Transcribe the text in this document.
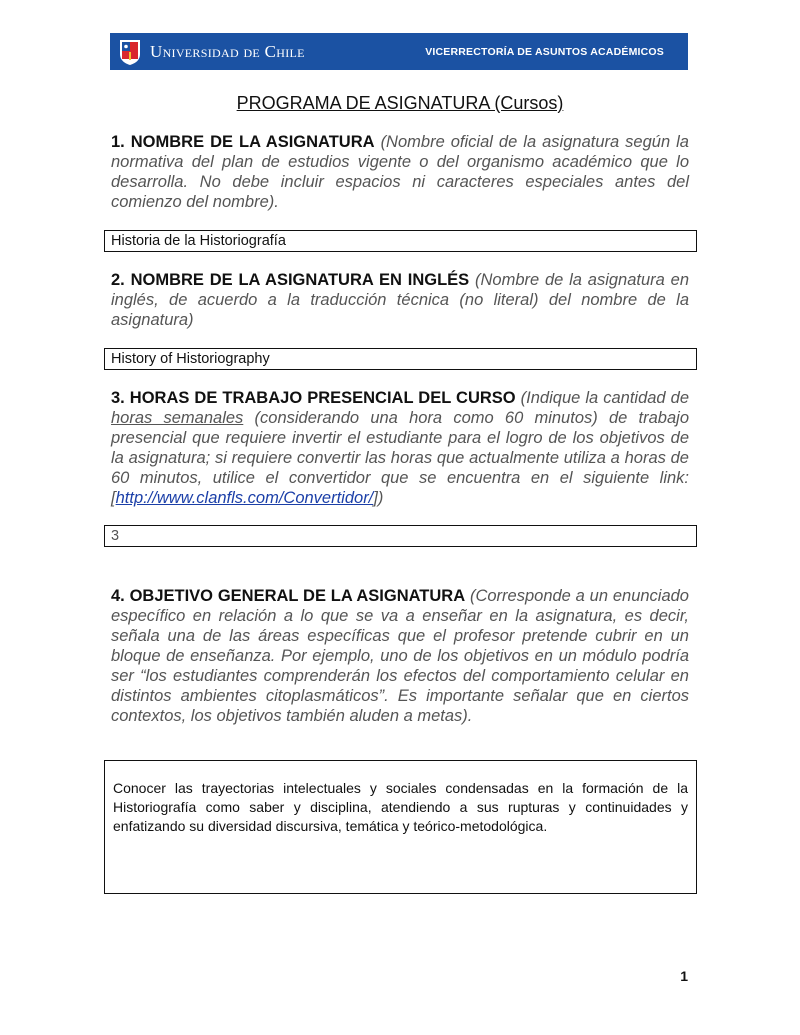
Universidad de Chile	VICERRECTORÍA DE ASUNTOS ACADÉMICOS
PROGRAMA DE ASIGNATURA (Cursos)

1. NOMBRE DE LA ASIGNATURA (Nombre oficial de la asignatura según la normativa del plan de estudios vigente o del organismo académico que lo desarrolla. No debe incluir espacios ni caracteres especiales antes del comienzo del nombre).

Historia de la Historiografía

2. NOMBRE DE LA ASIGNATURA EN INGLÉS (Nombre de la asignatura en inglés, de acuerdo a la traducción técnica (no literal) del nombre de la asignatura)

History of Historiography

3. HORAS DE TRABAJO PRESENCIAL DEL CURSO (Indique la cantidad de horas semanales (considerando una hora como 60 minutos) de trabajo presencial que requiere invertir el estudiante para el logro de los objetivos de la asignatura; si requiere convertir las horas que actualmente utiliza a horas de 60 minutos, utilice el convertidor que se encuentra en el siguiente link: [http://www.clanfls.com/Convertidor/])

3

4. OBJETIVO GENERAL DE LA ASIGNATURA (Corresponde a un enunciado específico en relación a lo que se va a enseñar en la asignatura, es decir, señala una de las áreas específicas que el profesor pretende cubrir en un bloque de enseñanza. Por ejemplo, uno de los objetivos en un módulo podría ser “los estudiantes comprenderán los efectos del comportamiento celular en distintos ambientes citoplasmáticos”. Es importante señalar que en ciertos contextos, los objetivos también aluden a metas).

Conocer las trayectorias intelectuales y sociales condensadas en la formación de la Historiografía como saber y disciplina, atendiendo a sus rupturas y continuidades y enfatizando su diversidad discursiva, temática y teórico-metodológica.

1
